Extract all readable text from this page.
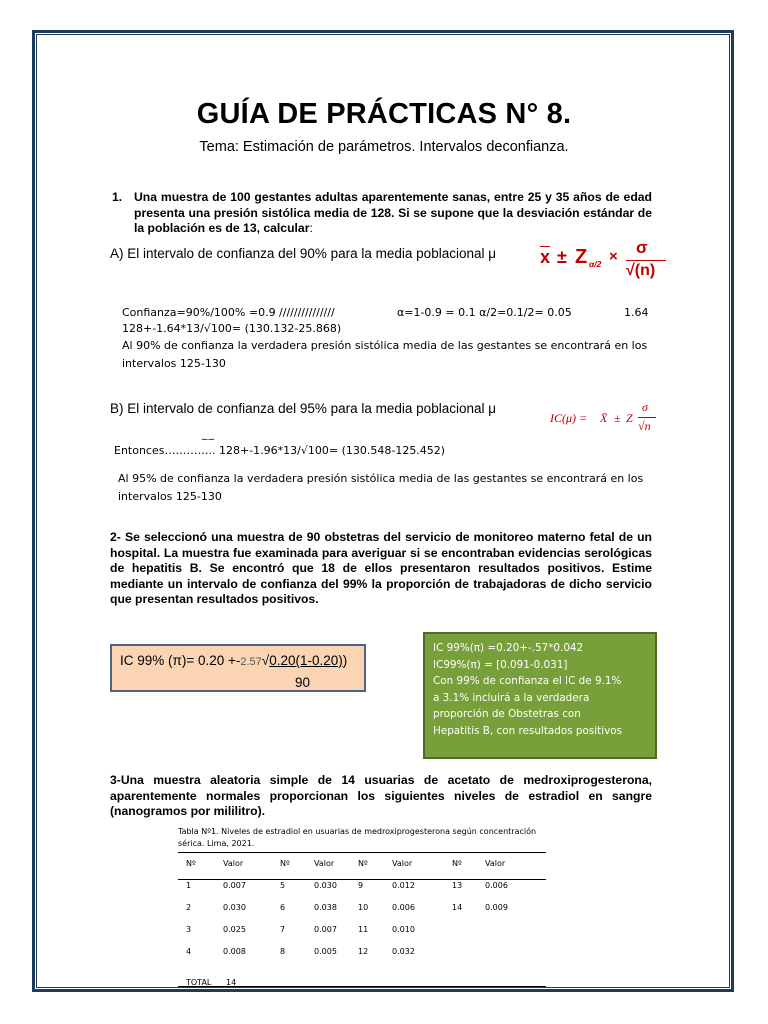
GUÍA DE PRÁCTICAS N° 8.
Tema: Estimación de parámetros. Intervalos deconfianza.
1. Una muestra de 100 gestantes adultas aparentemente sanas, entre 25 y 35 años de edad presenta una presión sistólica media de 128. Si se supone que la desviación estándar de la población es de 13, calcular:
A) El intervalo de confianza del 90% para la media poblacional μ $\overline{x} \pm Z$ α/2 × σ
√(n)
Confianza=90%/100% =0.9 ///////////////	α=1-0.9 = 0.1 α/2=0.1/2= 0.05	1.64
128+-1.64*13/√100= (130.132-25.868)
Al 90% de confianza la verdadera presión sistólica media de las gestantes se encontrará en los
intervalos 125-130
B) El intervalo de confianza del 95% para la media poblacional μ
IC(μ) = X̄ ± Z
σ
√n
__
Entonces………….. 128+-1.96*13/√100= (130.548-125.452)
Al 95% de confianza la verdadera presión sistólica media de las gestantes se encontrará en los
intervalos 125-130
2- Se seleccionó una muestra de 90 obstetras del servicio de monitoreo materno fetal de un hospital. La muestra fue examinada para averiguar si se encontraban evidencias serológicas de hepatitis B. Se encontró que 18 de ellos presentaron resultados positivos. Estime mediante un intervalo de confianza del 99% la proporción de trabajadoras de dicho servicio que presentan resultados positivos.
IC 99% (π)= 0.20 +-2.57√0.20(1-0.20))
90
IC 99%(π) =0.20+-.57*0.042
IC99%(π) = [0.091-0.031]
Con 99% de confianza el IC de 9.1%
a 3.1% incluirá a la verdadera
proporción de Obstetras con
Hepatitis B, con resultados positivos
3-Una muestra aleatoria simple de 14 usuarias de acetato de medroxiprogesterona, aparentemente normales proporcionan los siguientes niveles de estradiol en sangre (nanogramos por mililitro).
Tabla Nº1. Niveles de estradiol en usuarias de medroxiprogesterona según concentración sérica. Lima, 2021.
Nº	Valor	Nº	Valor	Nº	Valor	Nº	Valor
1	0.007	5	0.030	9	0.012	13	0.006
2	0.030	6	0.038	10	0.006	14	0.009
3	0.025	7	0.007	11	0.010
4	0.008	8	0.005	12	0.032
TOTAL 14
